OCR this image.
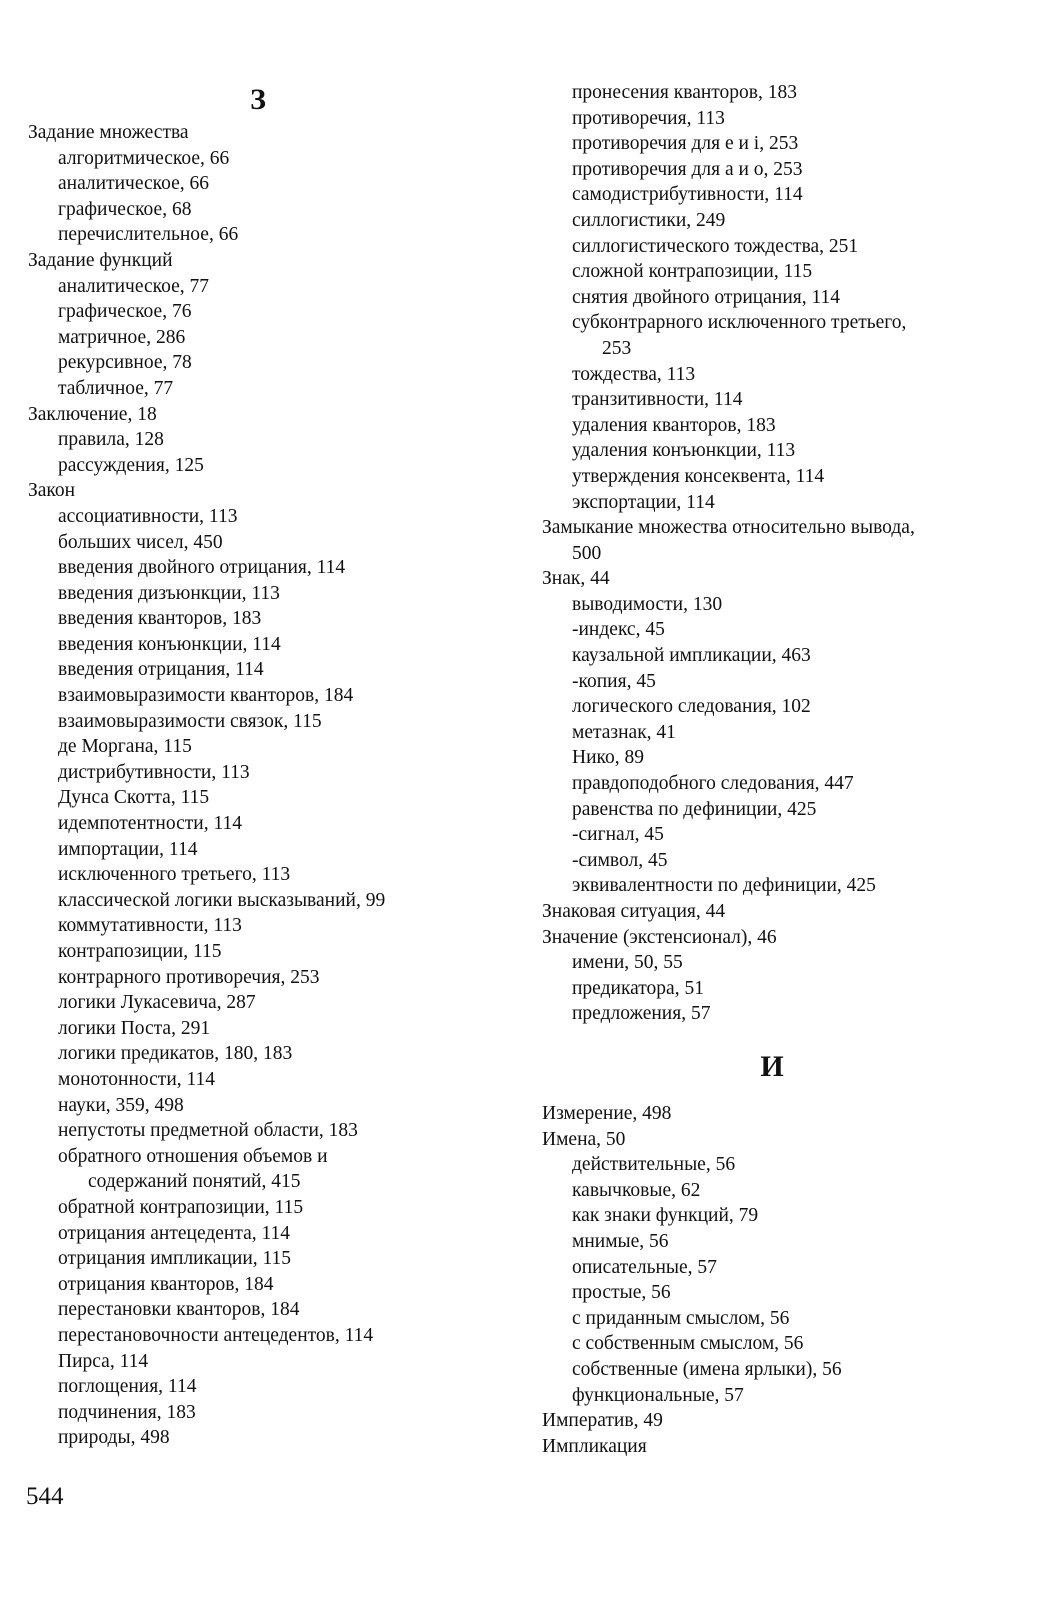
З
Задание множества
алгоритмическое, 66
аналитическое, 66
графическое, 68
перечислительное, 66
Задание функций
аналитическое, 77
графическое, 76
матричное, 286
рекурсивное, 78
табличное, 77
Заключение, 18
правила, 128
рассуждения, 125
Закон
ассоциативности, 113
больших чисел, 450
введения двойного отрицания, 114
введения дизъюнкции, 113
введения кванторов, 183
введения конъюнкции, 114
введения отрицания, 114
взаимовыразимости кванторов, 184
взаимовыразимости связок, 115
де Моргана, 115
дистрибутивности, 113
Дунса Скотта, 115
идемпотентности, 114
импортации, 114
исключенного третьего, 113
классической логики высказываний, 99
коммутативности, 113
контрапозиции, 115
контрарного противоречия, 253
логики Лукасевича, 287
логики Поста, 291
логики предикатов, 180, 183
монотонности, 114
науки, 359, 498
непустоты предметной области, 183
обратного отношения объемов и
содержаний понятий, 415
обратной контрапозиции, 115
отрицания антецедента, 114
отрицания импликации, 115
отрицания кванторов, 184
перестановки кванторов, 184
перестановочности антецедентов, 114
Пирса, 114
поглощения, 114
подчинения, 183
природы, 498
пронесения кванторов, 183
противоречия, 113
противоречия для e и i, 253
противоречия для a и o, 253
самодистрибутивности, 114
силлогистики, 249
силлогистического тождества, 251
сложной контрапозиции, 115
снятия двойного отрицания, 114
субконтрарного исключенного третьего,
253
тождества, 113
транзитивности, 114
удаления кванторов, 183
удаления конъюнкции, 113
утверждения консеквента, 114
экспортации, 114
Замыкание множества относительно вывода,
500
Знак, 44
выводимости, 130
-индекс, 45
каузальной импликации, 463
-копия, 45
логического следования, 102
метазнак, 41
Нико, 89
правдоподобного следования, 447
равенства по дефиниции, 425
-сигнал, 45
-символ, 45
эквивалентности по дефиниции, 425
Знаковая ситуация, 44
Значение (экстенсионал), 46
имени, 50, 55
предикатора, 51
предложения, 57
И
Измерение, 498
Имена, 50
действительные, 56
кавычковые, 62
как знаки функций, 79
мнимые, 56
описательные, 57
простые, 56
с приданным смыслом, 56
с собственным смыслом, 56
собственные (имена ярлыки), 56
функциональные, 57
Императив, 49
Импликация
544
